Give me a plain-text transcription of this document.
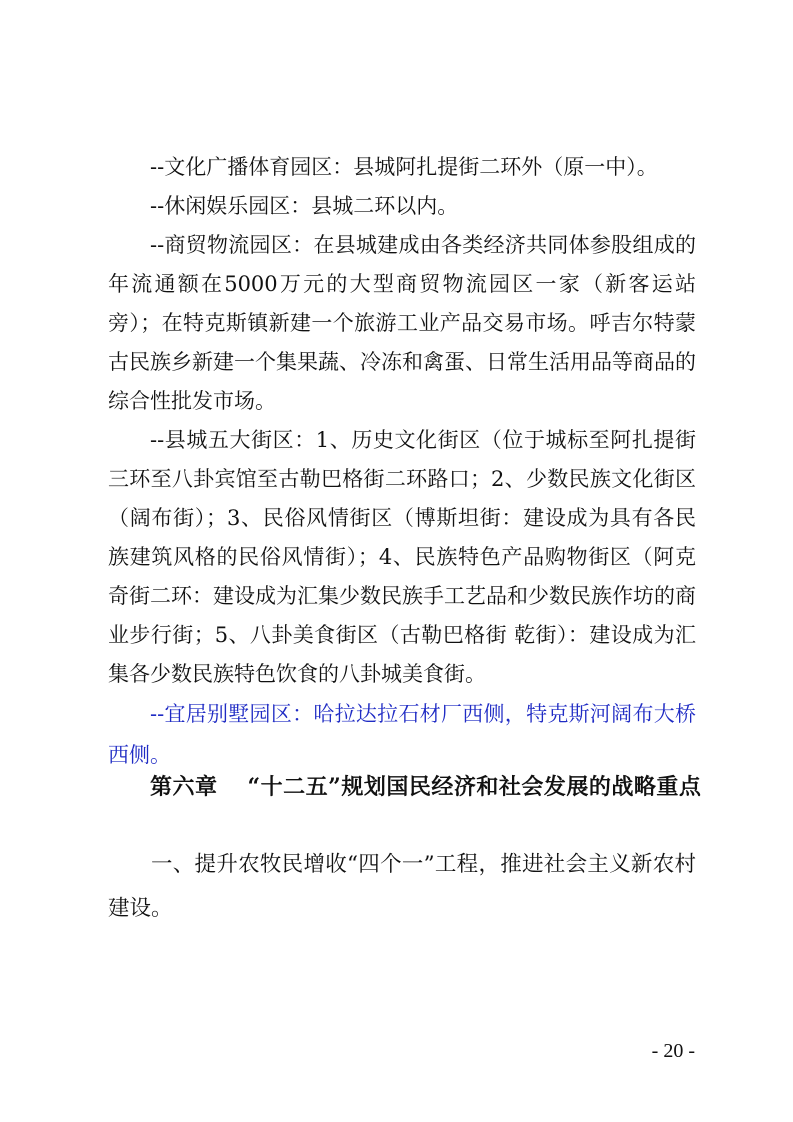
--文化广播体育园区：县城阿扎提街二环外（原一中）。

--休闲娱乐园区：县城二环以内。

--商贸物流园区：在县城建成由各类经济共同体参股组成的年流通额在5000万元的大型商贸物流园区一家（新客运站旁）；在特克斯镇新建一个旅游工业产品交易市场。呼吉尔特蒙古民族乡新建一个集果蔬、冷冻和禽蛋、日常生活用品等商品的综合性批发市场。

--县城五大街区：1、历史文化街区（位于城标至阿扎提街三环至八卦宾馆至古勒巴格街二环路口；2、少数民族文化街区（阔布街）；3、民俗风情街区（博斯坦街：建设成为具有各民族建筑风格的民俗风情街）；4、民族特色产品购物街区（阿克奇街二环：建设成为汇集少数民族手工艺品和少数民族作坊的商业步行街；5、八卦美食街区（古勒巴格街 乾街）：建设成为汇集各少数民族特色饮食的八卦城美食街。

--宜居别墅园区：哈拉达拉石材厂西侧，特克斯河阔布大桥西侧。

第六章 “十二五”规划国民经济和社会发展的战略重点

一、提升农牧民增收“四个一”工程，推进社会主义新农村建设。

- 20 -
